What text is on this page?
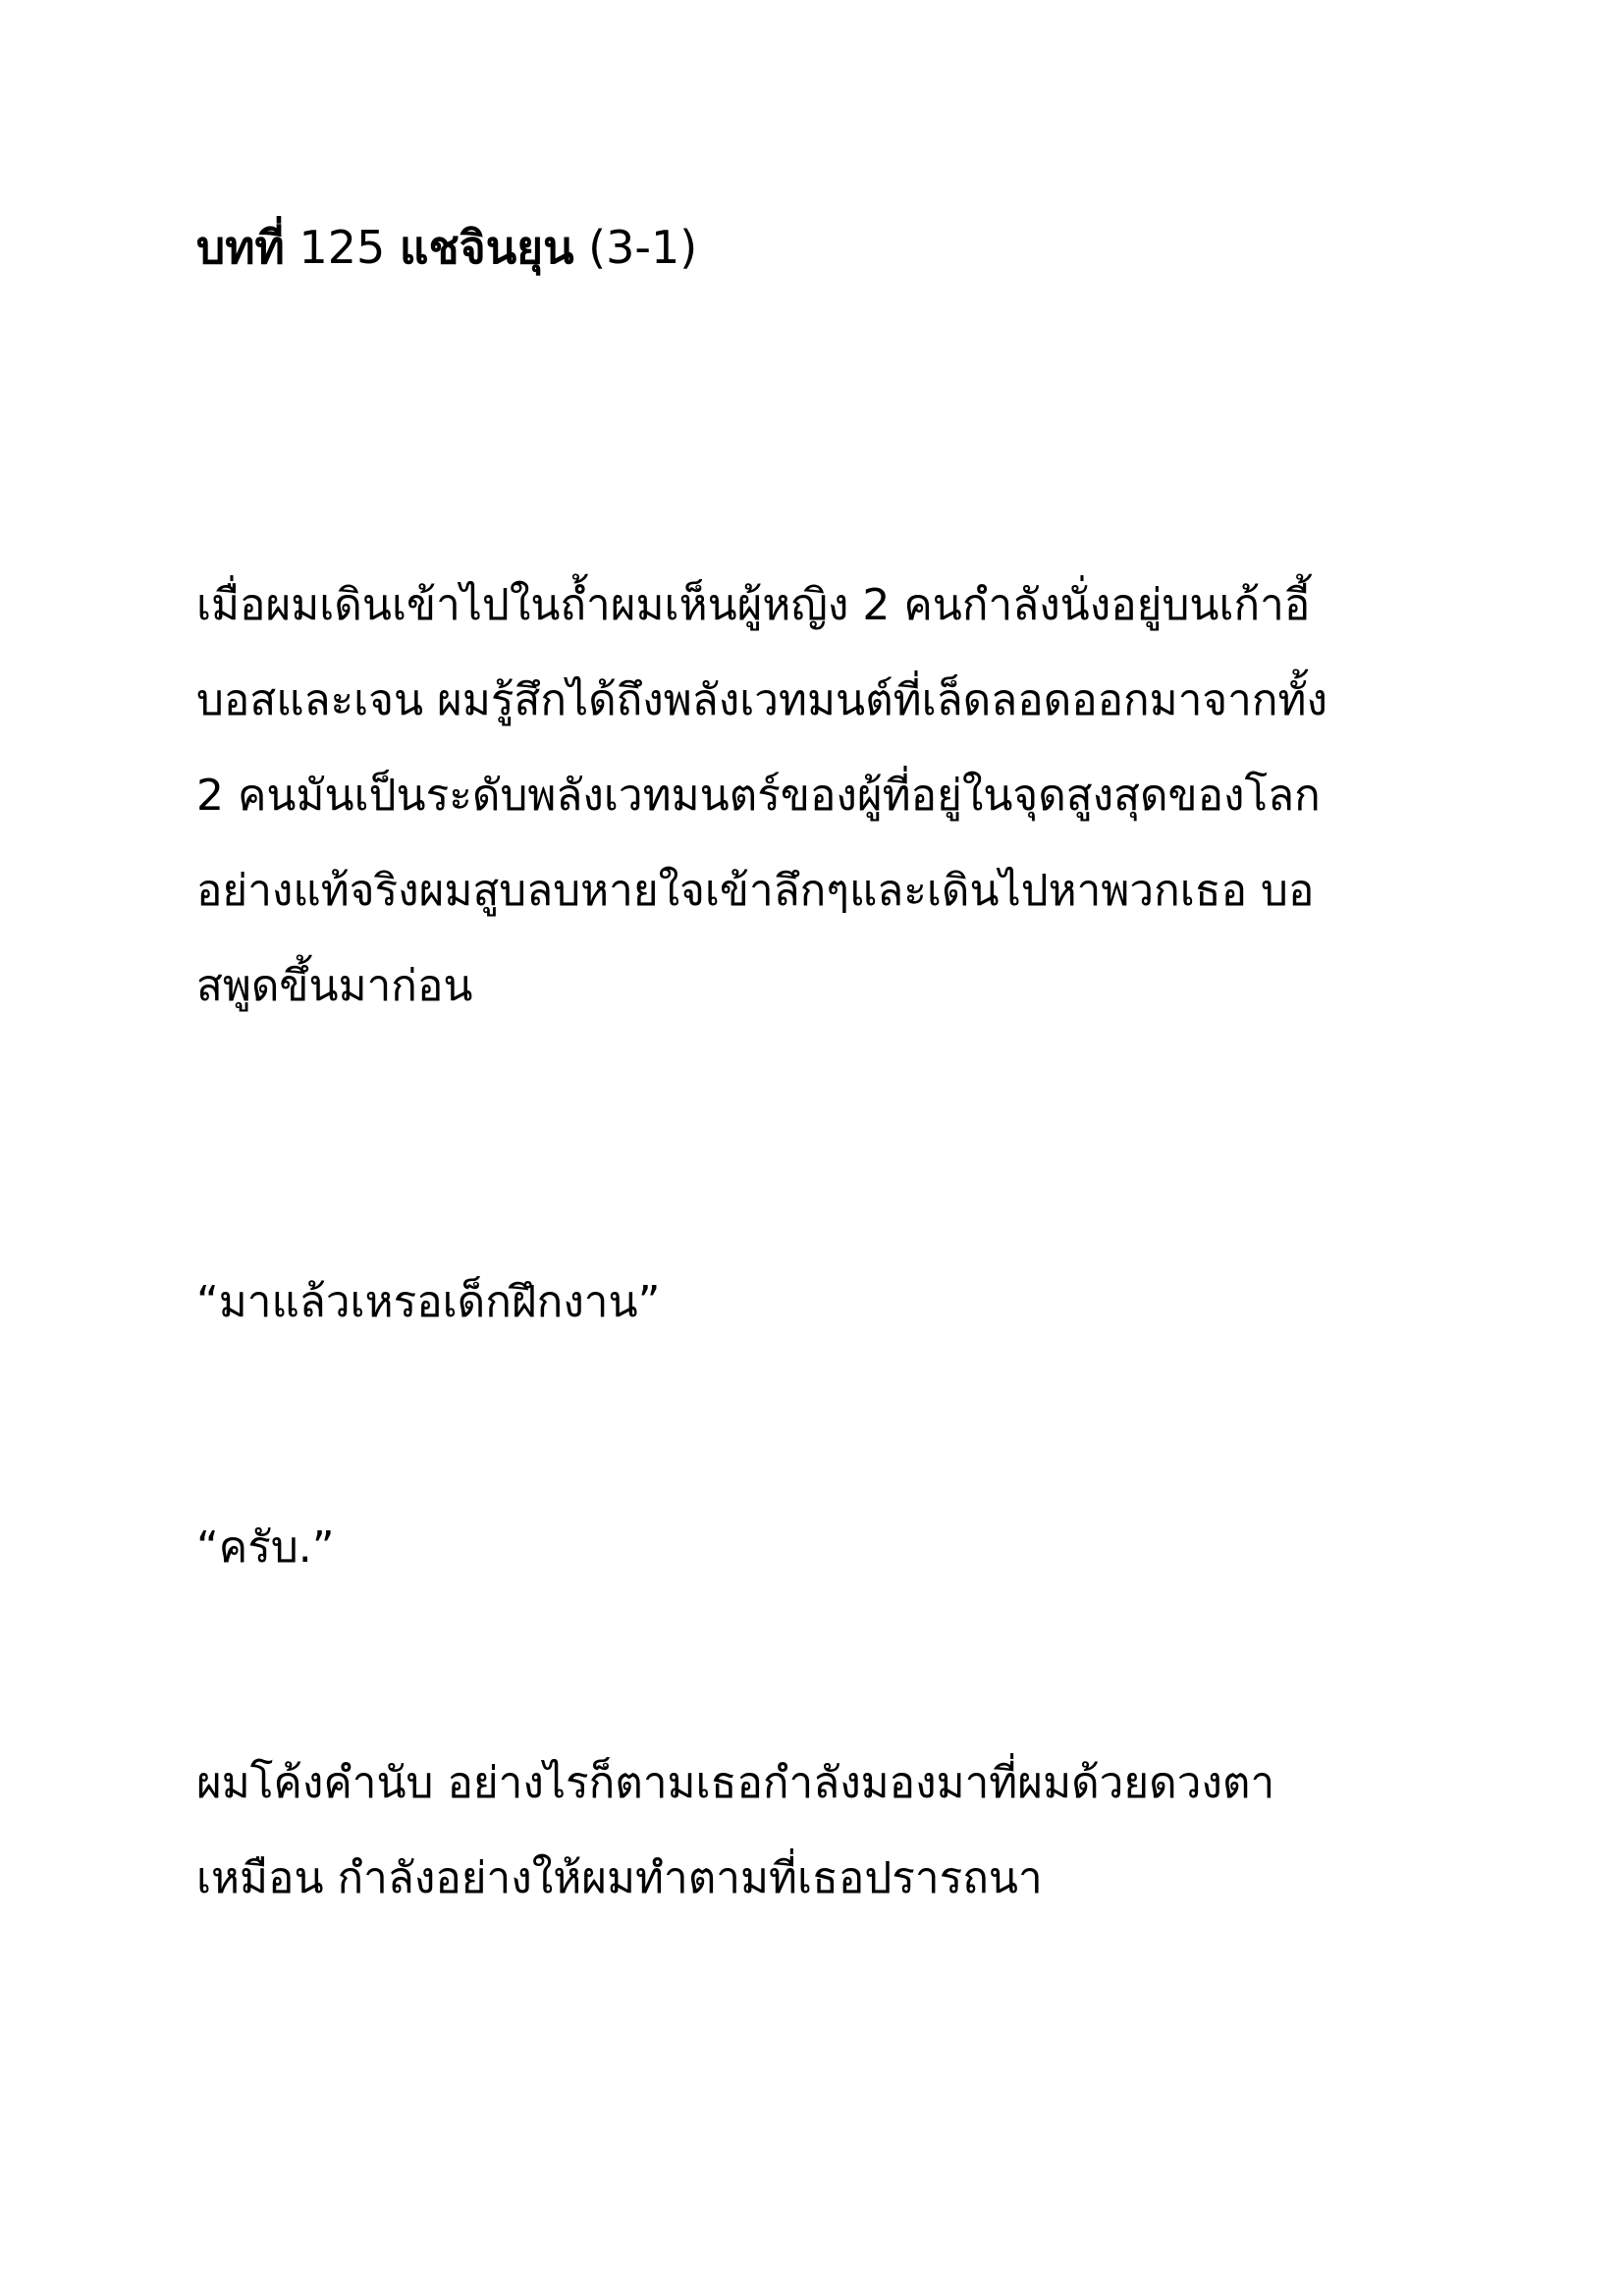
บทที่ 125 แชจินยุน (3-1)
เมื่อผมเดินเข้าไปในถ้ำผมเห็นผู้หญิง 2 คนกำลังนั่งอยู่บนเก้าอี้
บอสและเจน ผมรู้สึกได้ถึงพลังเวทมนต์ที่เล็ดลอดออกมาจากทั้ง
2 คนมันเป็นระดับพลังเวทมนตร์ของผู้ที่อยู่ในจุดสูงสุดของโลก
อย่างแท้จริงผมสูบลบหายใจเข้าลึกๆและเดินไปหาพวกเธอ บอ
สพูดขึ้นมาก่อน
“มาแล้วเหรอเด็กฝึกงาน”
“ครับ.”
ผมโค้งคำนับ อย่างไรก็ตามเธอกำลังมองมาที่ผมด้วยดวงตา
เหมือน กำลังอย่างให้ผมทำตามที่เธอปรารถนา
